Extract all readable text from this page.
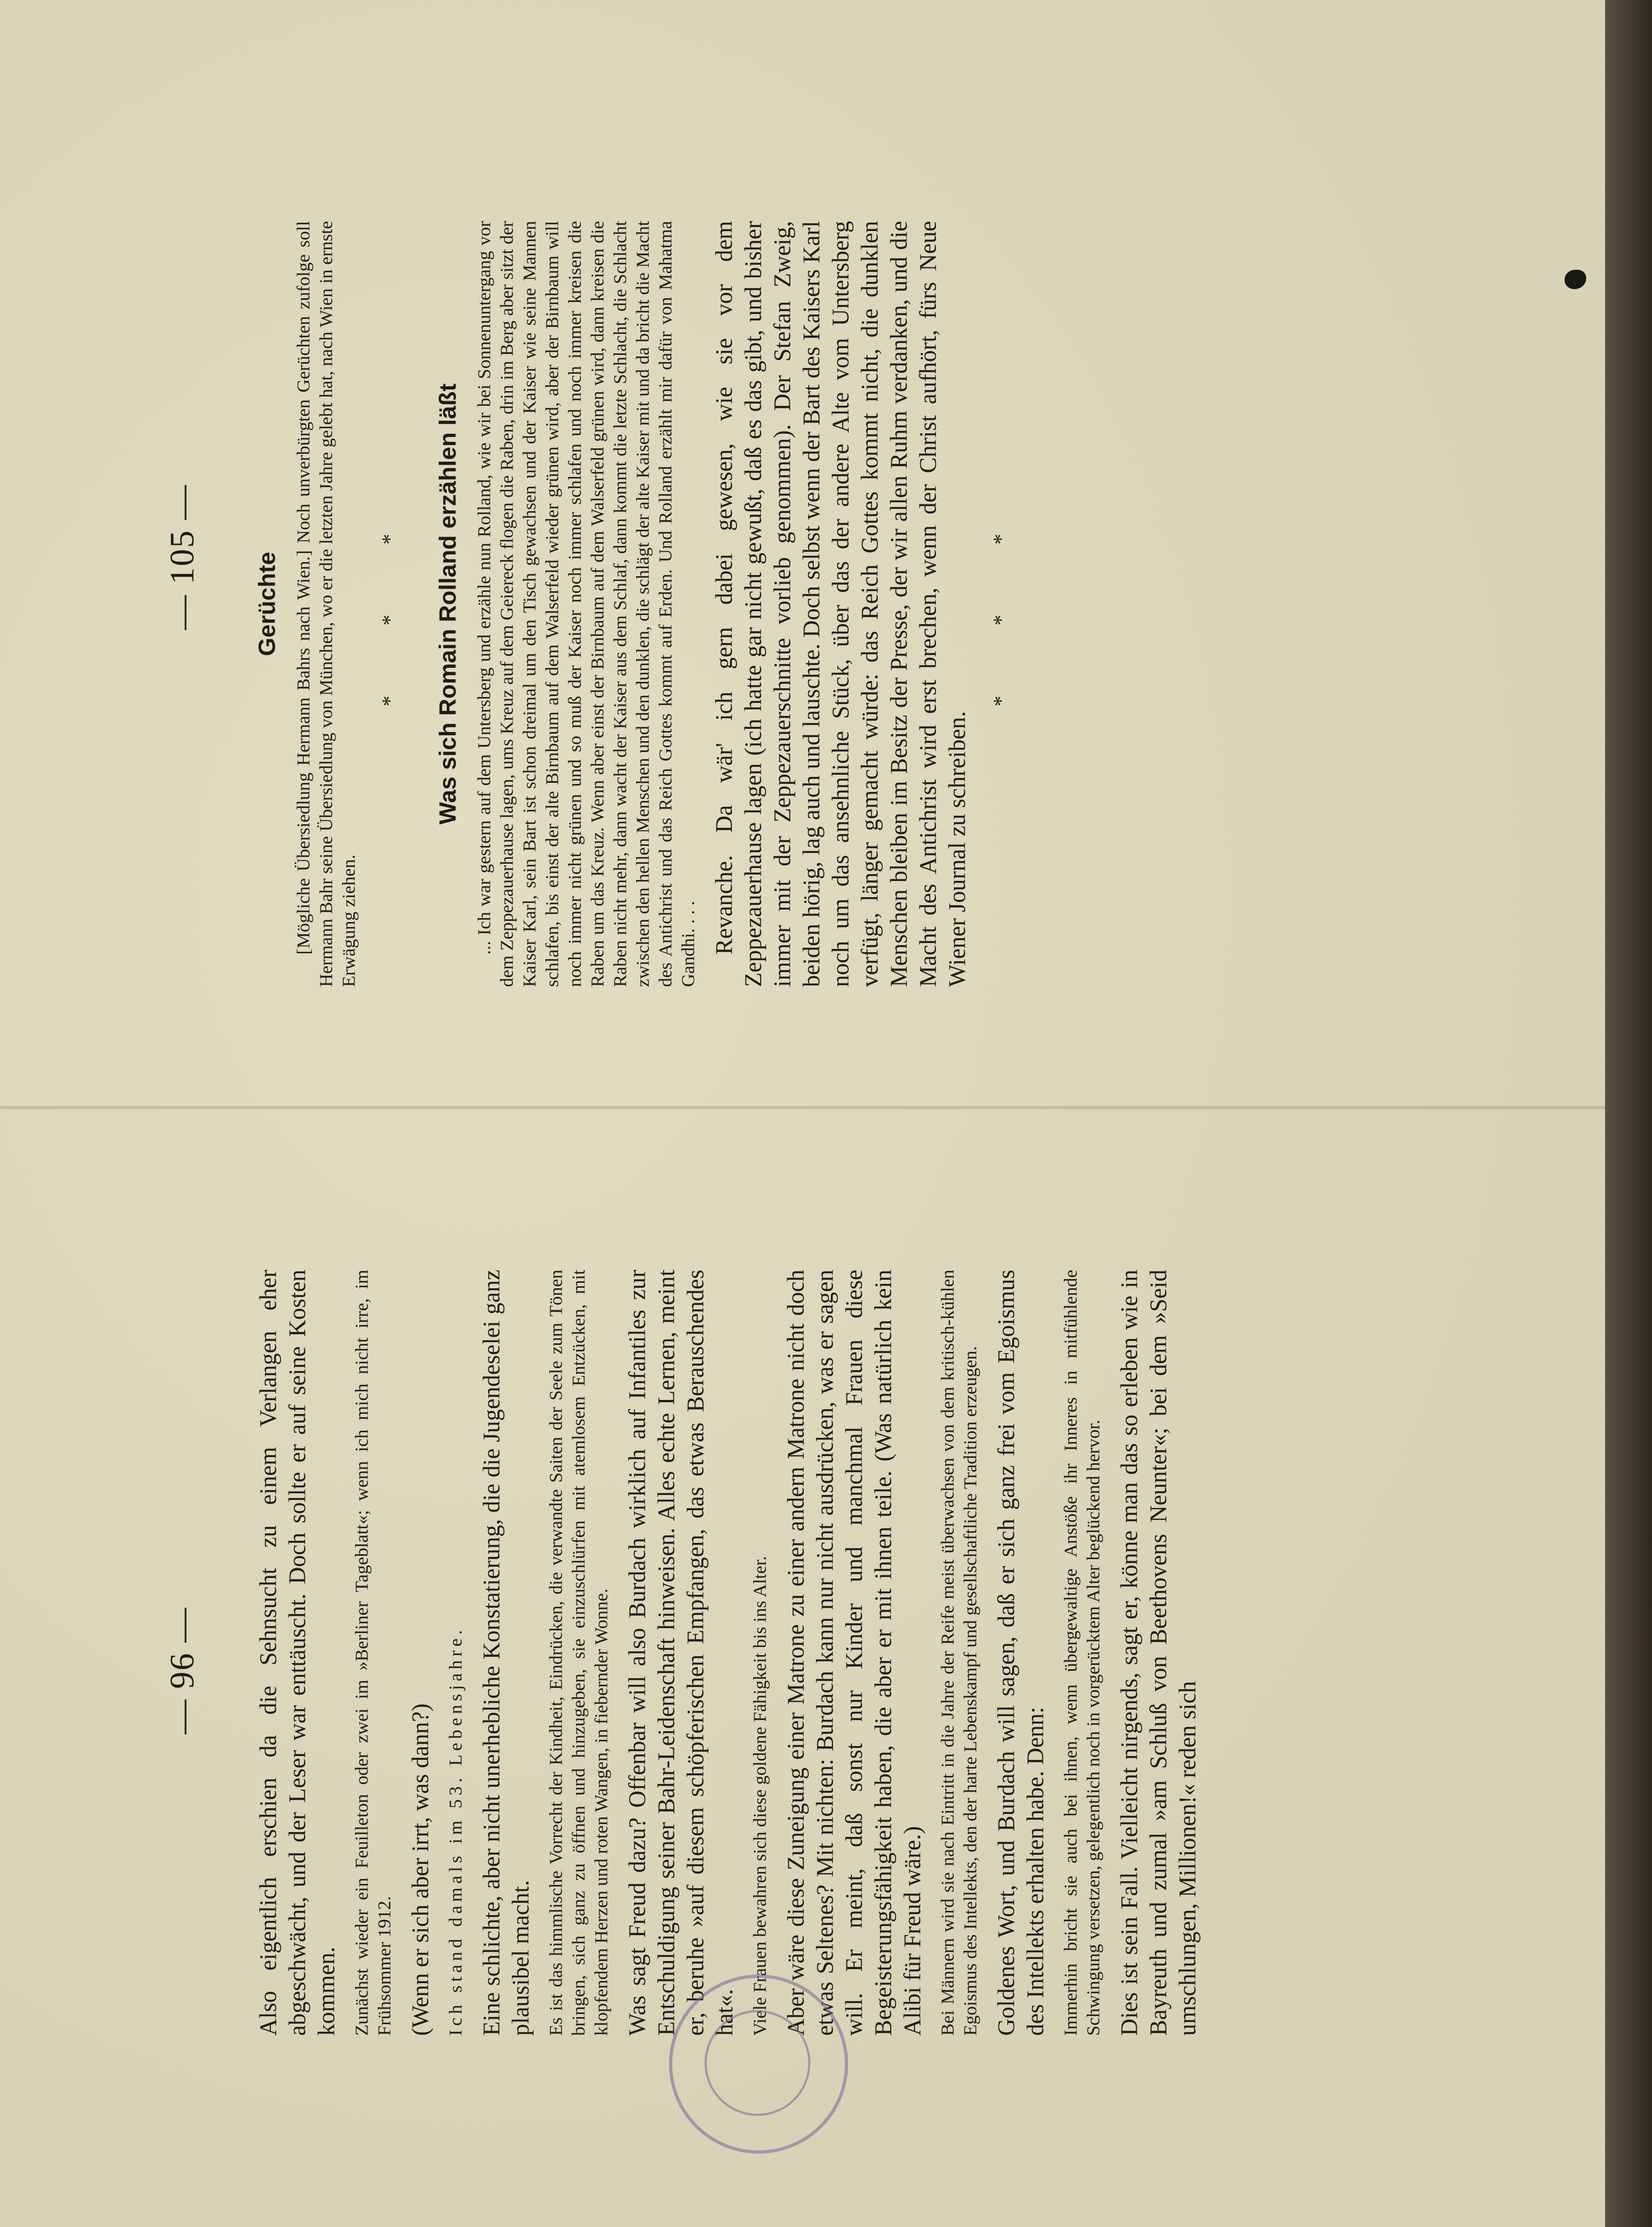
— 96 — Also eigentlich erschien da die Sehnsucht zu einem Verlangen eher abgeschwächt, und der Leser war enttäuscht. Doch sollte er auf seine Kosten kommen. Zunächst wieder ein Feuilleton oder zwei im »Berliner Tageblatt«; wenn ich mich nicht irre, im Frühsommer 1912. (Wenn er sich aber irrt, was dann?) Ich stand damals im 53. Lebensjahre. Eine schlichte, aber nicht unerhebliche Konstatierung, die die Jugendeselei ganz plausibel macht. Es ist das himmlische Vorrecht der Kindheit, Eindrücken, die verwandte Saiten der Seele zum Tönen bringen, sich ganz zu öffnen und hinzugeben, sie einzuschlürfen mit atemlosem Entzücken, mit klopfendem Herzen und roten Wangen, in fiebernder Wonne. Was sagt Freud dazu? Offenbar will also Burdach wirklich auf Infantiles zur Entschuldigung seiner Bahr-Leidenschaft hinweisen. Alles echte Lernen, meint er, beruhe »auf diesem schöpferischen Empfangen, das etwas Berauschendes hat«. Viele Frauen bewahren sich diese goldene Fähigkeit bis ins Alter. Aber wäre diese Zuneigung einer Matrone zu einer andern Matrone nicht doch etwas Seltenes? Mit nichten: Burdach kann nur nicht ausdrücken, was er sagen will. Er meint, daß sonst nur Kinder und manchmal Frauen diese Begeisterungsfähigkeit haben, die aber er mit ihnen teile. (Was natürlich kein Alibi für Freud wäre.) Bei Männern wird sie nach Eintritt in die Jahre der Reife meist überwachsen von dem kritisch-kühlen Egoismus des Intellekts, den der harte Lebenskampf und gesellschaftliche Tradition erzeugen. Goldenes Wort, und Burdach will sagen, daß er sich ganz frei vom Egoismus des Intellekts erhalten habe. Denn: Immerhin bricht sie auch bei ihnen, wenn übergewaltige Anstöße ihr Inneres in mitfühlende Schwingung versetzen, gelegentlich noch in vorgerücktem Alter beglückend hervor. Dies ist sein Fall. Vielleicht nirgends, sagt er, könne man das so erleben wie in Bayreuth und zumal »am Schluß von Beethovens Neunter«; bei dem »Seid umschlungen, Millionen!« reden sich

— 105 — Gerüchte [Mögliche Übersiedlung Hermann Bahrs nach Wien.] Noch unverbürgten Gerüchten zufolge soll Hermann Bahr seine Übersiedlung von München, wo er die letzten Jahre gelebt hat, nach Wien in ernste Erwägung ziehen.

* * * Was sich Romain Rolland erzählen läßt ... Ich war gestern auf dem Untersberg und erzähle nun Rolland, wie wir bei Sonnenuntergang vor dem Zeppezauerhause lagen, ums Kreuz auf dem Geiereck flogen die Raben, drin im Berg aber sitzt der Kaiser Karl, sein Bart ist schon dreimal um den Tisch gewachsen und der Kaiser wie seine Mannen schlafen, bis einst der alte Birnbaum auf dem Walserfeld wieder grünen wird, aber der Birnbaum will noch immer nicht grünen und so muß der Kaiser noch immer schlafen und noch immer kreisen die Raben um das Kreuz. Wenn aber einst der Birnbaum auf dem Walserfeld grünen wird, dann kreisen die Raben nicht mehr, dann wacht der Kaiser aus dem Schlaf, dann kommt die letzte Schlacht, die Schlacht zwischen den hellen Menschen und den dunklen, die schlägt der alte Kaiser mit und da bricht die Macht des Antichrist und das Reich Gottes kommt auf Erden. Und Rolland erzählt mir dafür von Mahatma Gandhi. . . . Revanche. Da wär' ich gern dabei gewesen, wie sie vor dem Zeppezauerhause lagen (ich hatte gar nicht gewußt, daß es das gibt, und bisher immer mit der Zeppezauerschnitte vorlieb genommen). Der Stefan Zweig, beiden hörig, lag auch und lauschte. Doch selbst wenn der Bart des Kaisers Karl noch um das ansehnliche Stück, über das der andere Alte vom Untersberg verfügt, länger gemacht würde: das Reich Gottes kommt nicht, die dunklen Menschen bleiben im Besitz der Presse, der wir allen Ruhm verdanken, und die Macht des Antichrist wird erst brechen, wenn der Christ aufhört, fürs Neue Wiener Journal zu schreiben.

* * *
